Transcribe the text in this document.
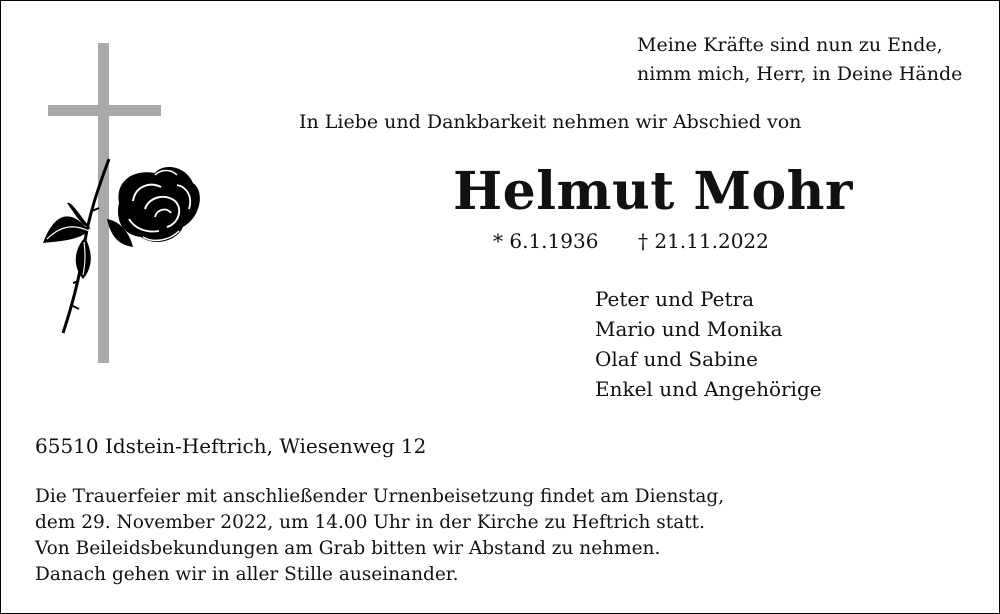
Meine Kräfte sind nun zu Ende,
nimm mich, Herr, in Deine Hände
In Liebe und Dankbarkeit nehmen wir Abschied von
Helmut Mohr
* 6.1.1936 † 21.11.2022
Peter und Petra
Mario und Monika
Olaf und Sabine
Enkel und Angehörige
65510 Idstein-Heftrich, Wiesenweg 12
Die Trauerfeier mit anschließender Urnenbeisetzung findet am Dienstag,
dem 29. November 2022, um 14.00 Uhr in der Kirche zu Heftrich statt.
Von Beileidsbekundungen am Grab bitten wir Abstand zu nehmen.
Danach gehen wir in aller Stille auseinander.
